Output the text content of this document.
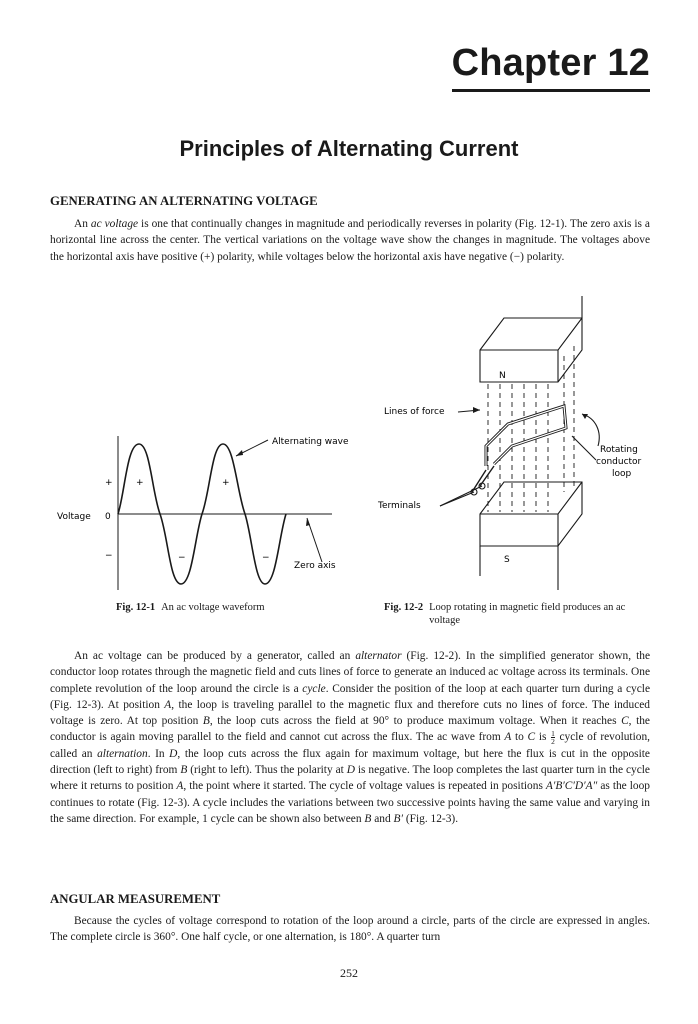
Chapter 12
Principles of Alternating Current
GENERATING AN ALTERNATING VOLTAGE

An ac voltage is one that continually changes in magnitude and periodically reverses in polarity (Fig. 12-1). The zero axis is a horizontal line across the center. The vertical variations on the voltage wave show the changes in magnitude. The voltages above the horizontal axis have positive (+) polarity, while voltages below the horizontal axis have negative (−) polarity.

Alternating wave
Voltage 0
Zero axis
+
−
+	+
−	−
Fig. 12-1 An ac voltage waveform
N
S
Lines of force
Terminals
Rotating
conductor
loop
Fig. 12-2 Loop rotating in magnetic field produces an ac voltage

An ac voltage can be produced by a generator, called an alternator (Fig. 12-2). In the simplified generator shown, the conductor loop rotates through the magnetic field and cuts lines of force to generate an induced ac voltage across its terminals. One complete revolution of the loop around the circle is a cycle. Consider the position of the loop at each quarter turn during a cycle (Fig. 12-3). At position A, the loop is traveling parallel to the magnetic flux and therefore cuts no lines of force. The induced voltage is zero. At top position B, the loop cuts across the field at 90° to produce maximum voltage. When it reaches C, the conductor is again moving parallel to the field and cannot cut across the flux. The ac wave from A to C is $\frac{1}{2}$ cycle of revolution, called an alternation. In D, the loop cuts across the flux again for maximum voltage, but here the flux is cut in the opposite direction (left to right) from B (right to left). Thus the polarity at D is negative. The loop completes the last quarter turn in the cycle where it returns to position A, the point where it started. The cycle of voltage values is repeated in positions A′B′C′D′A″ as the loop continues to rotate (Fig. 12-3). A cycle includes the variations between two successive points having the same value and varying in the same direction. For example, 1 cycle can be shown also between B and B′ (Fig. 12-3).

ANGULAR MEASUREMENT

Because the cycles of voltage correspond to rotation of the loop around a circle, parts of the circle are expressed in angles. The complete circle is 360°. One half cycle, or one alternation, is 180°. A quarter turn

252
